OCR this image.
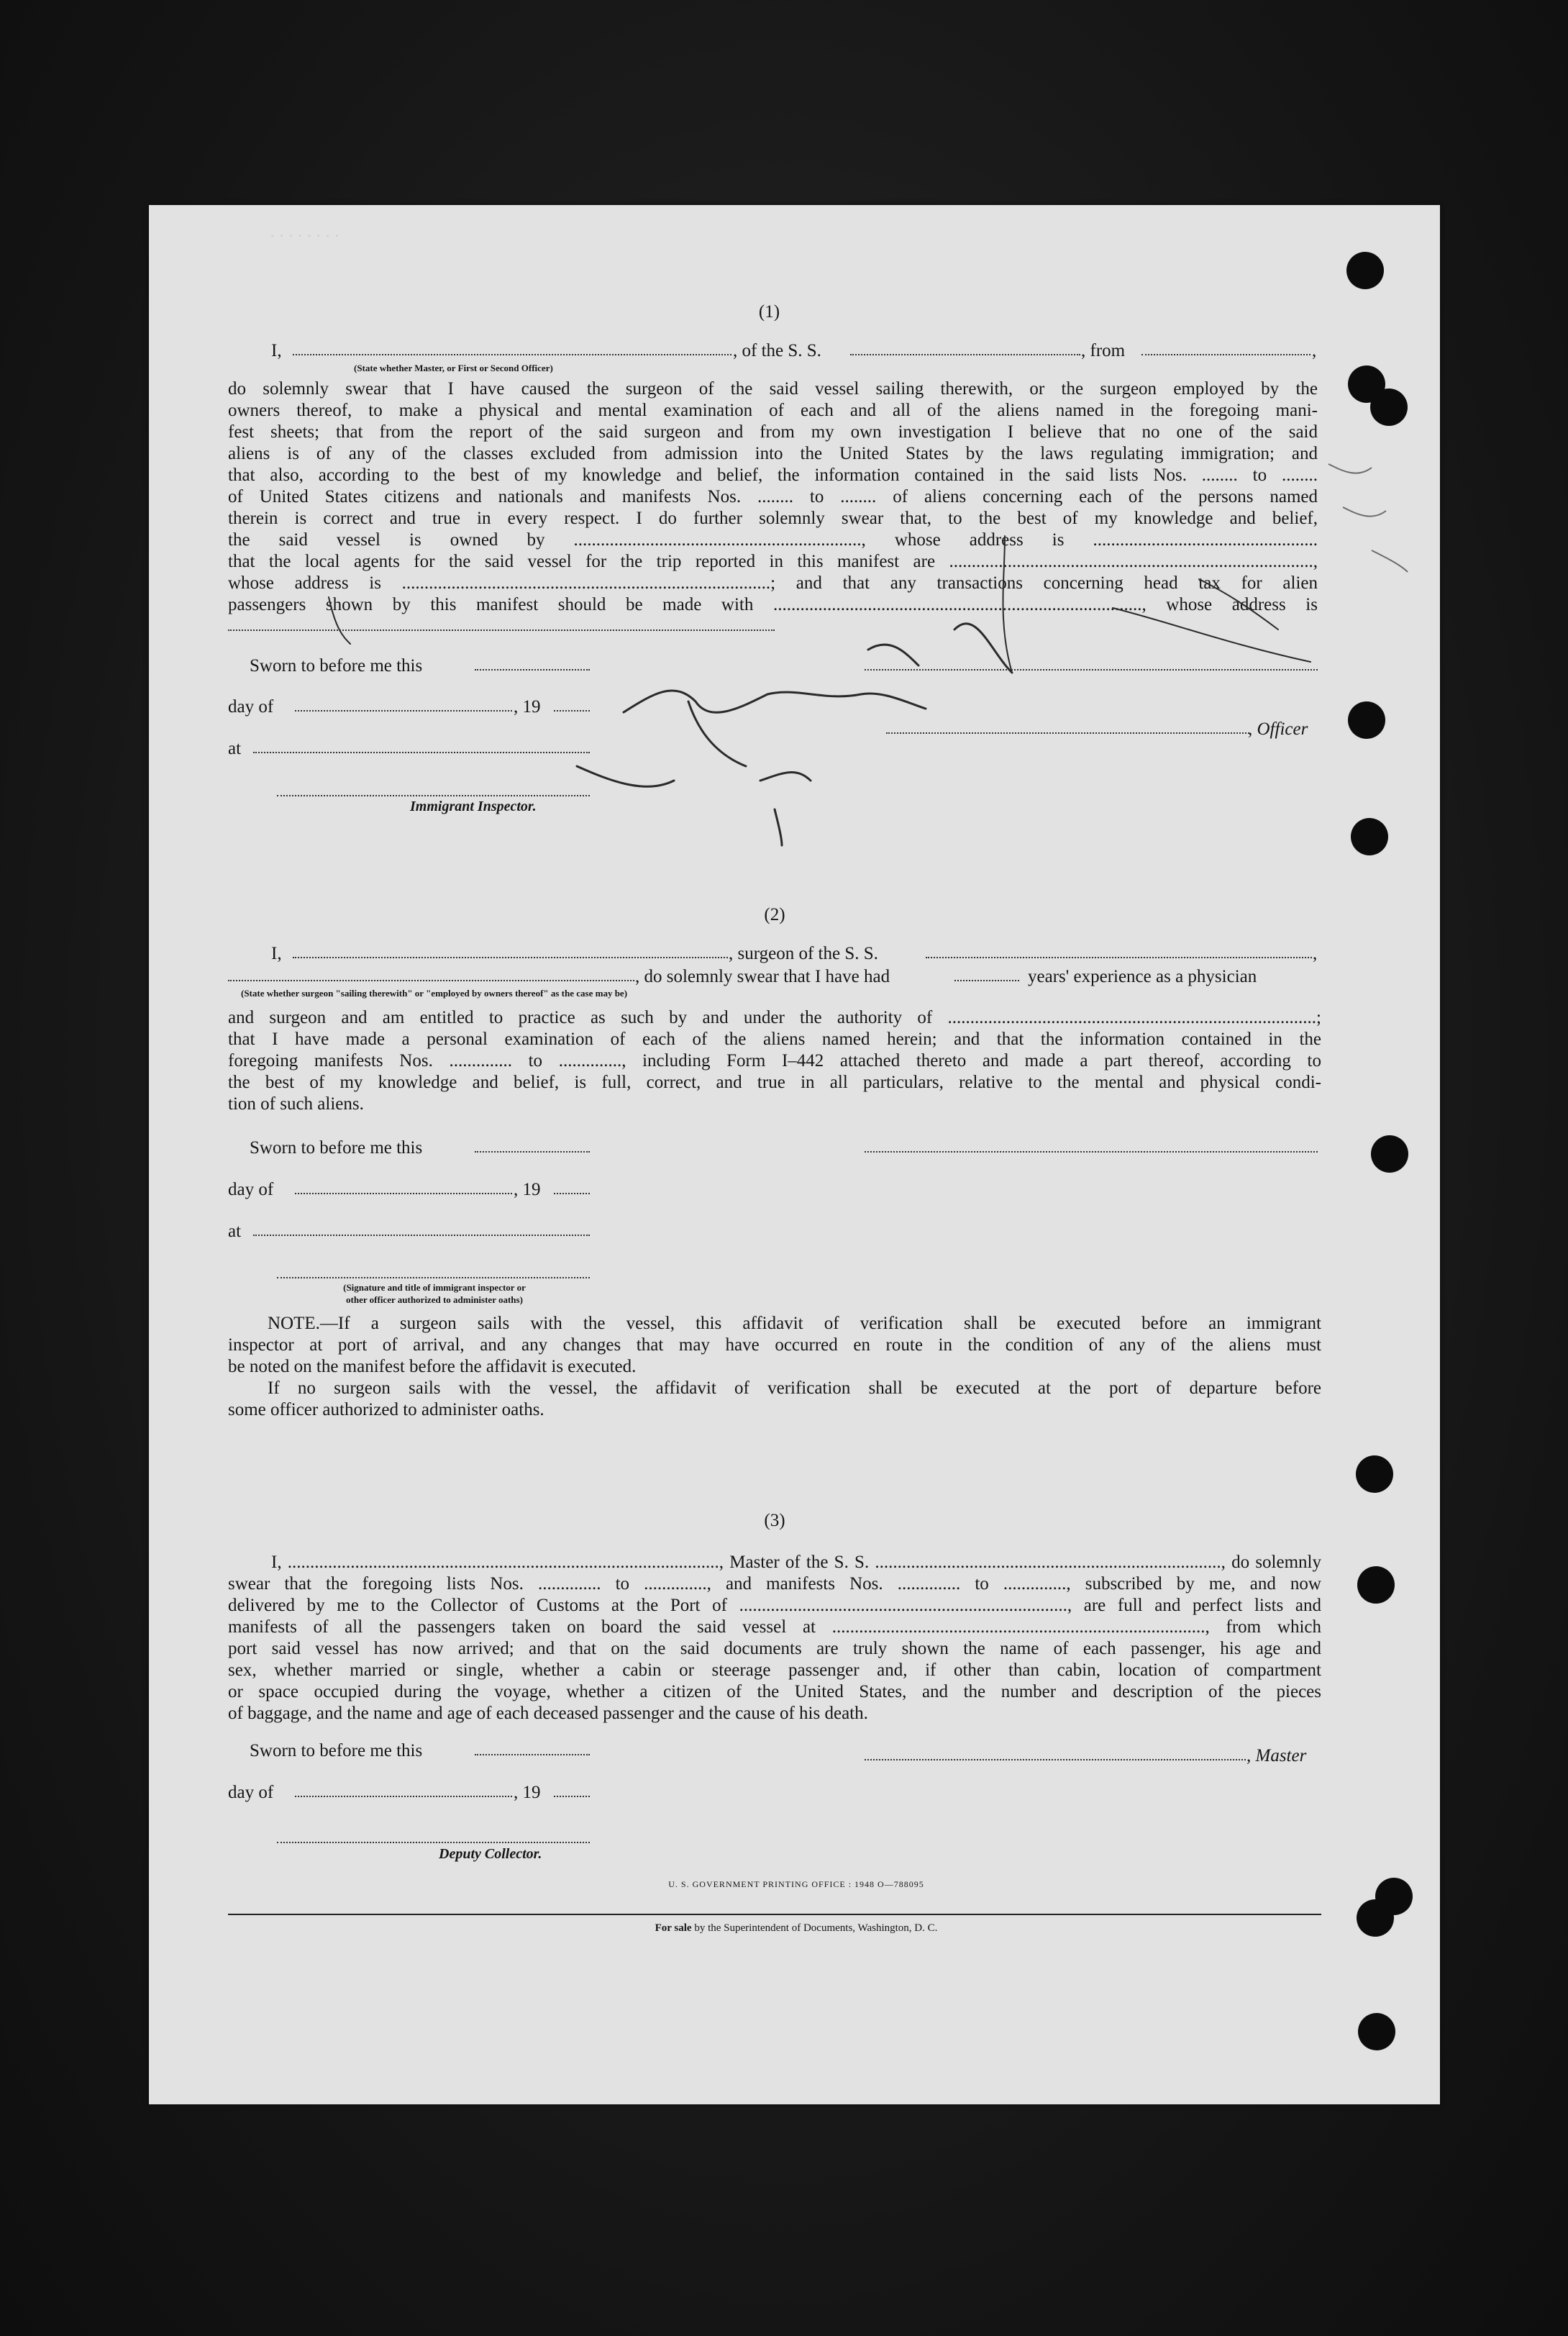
· · · · · · · ·
(1)
I,	, of the S. S.	, from	,
(State whether Master, or First or Second Officer)
do solemnly swear that I have caused the surgeon of the said vessel sailing therewith, or the surgeon employed by the
owners thereof, to make a physical and mental examination of each and all of the aliens named in the foregoing mani-
fest sheets; that from the report of the said surgeon and from my own investigation I believe that no one of the said
aliens is of any of the classes excluded from admission into the United States by the laws regulating immigration; and
that also, according to the best of my knowledge and belief, the information contained in the said lists Nos. ........ to ........
of United States citizens and nationals and manifests Nos. ........ to ........ of aliens concerning each of the persons named
therein is correct and true in every respect. I do further solemnly swear that, to the best of my knowledge and belief,
the said vessel is owned by ................................................................, whose address is ..................................................
that the local agents for the said vessel for the trip reported in this manifest are .................................................................................,
whose address is ..................................................................................; and that any transactions concerning head tax for alien
passengers shown by this manifest should be made with .................................................................................., whose address is
Sworn to before me this
day of	, 19
at
, Officer
Immigrant Inspector.
(2)
I,	, surgeon of the S. S.	,
, do solemnly swear that I have had	years' experience as a physician
(State whether surgeon "sailing therewith" or "employed by owners thereof" as the case may be)
and surgeon and am entitled to practice as such by and under the authority of ..................................................................................;
that I have made a personal examination of each of the aliens named herein; and that the information contained in the
foregoing manifests Nos. .............. to .............., including Form I–442 attached thereto and made a part thereof, according to
the best of my knowledge and belief, is full, correct, and true in all particulars, relative to the mental and physical condi-
tion of such aliens.
Sworn to before me this
day of	, 19
at
(Signature and title of immigrant inspector or
other officer authorized to administer oaths)
NOTE.—If a surgeon sails with the vessel, this affidavit of verification shall be executed before an immigrant
inspector at port of arrival, and any changes that may have occurred en route in the condition of any of the aliens must
be noted on the manifest before the affidavit is executed.
If no surgeon sails with the vessel, the affidavit of verification shall be executed at the port of departure before
some officer authorized to administer oaths.
(3)
I, ................................................................................................, Master of the S. S. ............................................................................., do solemnly
swear that the foregoing lists Nos. .............. to .............., and manifests Nos. .............. to .............., subscribed by me, and now
delivered by me to the Collector of Customs at the Port of ........................................................................., are full and perfect lists and
manifests of all the passengers taken on board the said vessel at ..................................................................................., from which
port said vessel has now arrived; and that on the said documents are truly shown the name of each passenger, his age and
sex, whether married or single, whether a cabin or steerage passenger and, if other than cabin, location of compartment
or space occupied during the voyage, whether a citizen of the United States, and the number and description of the pieces
of baggage, and the name and age of each deceased passenger and the cause of his death.
Sworn to before me this	, Master
day of	, 19
Deputy Collector.
U. S. GOVERNMENT PRINTING OFFICE : 1948 O—788095
For sale by the Superintendent of Documents, Washington, D. C.
